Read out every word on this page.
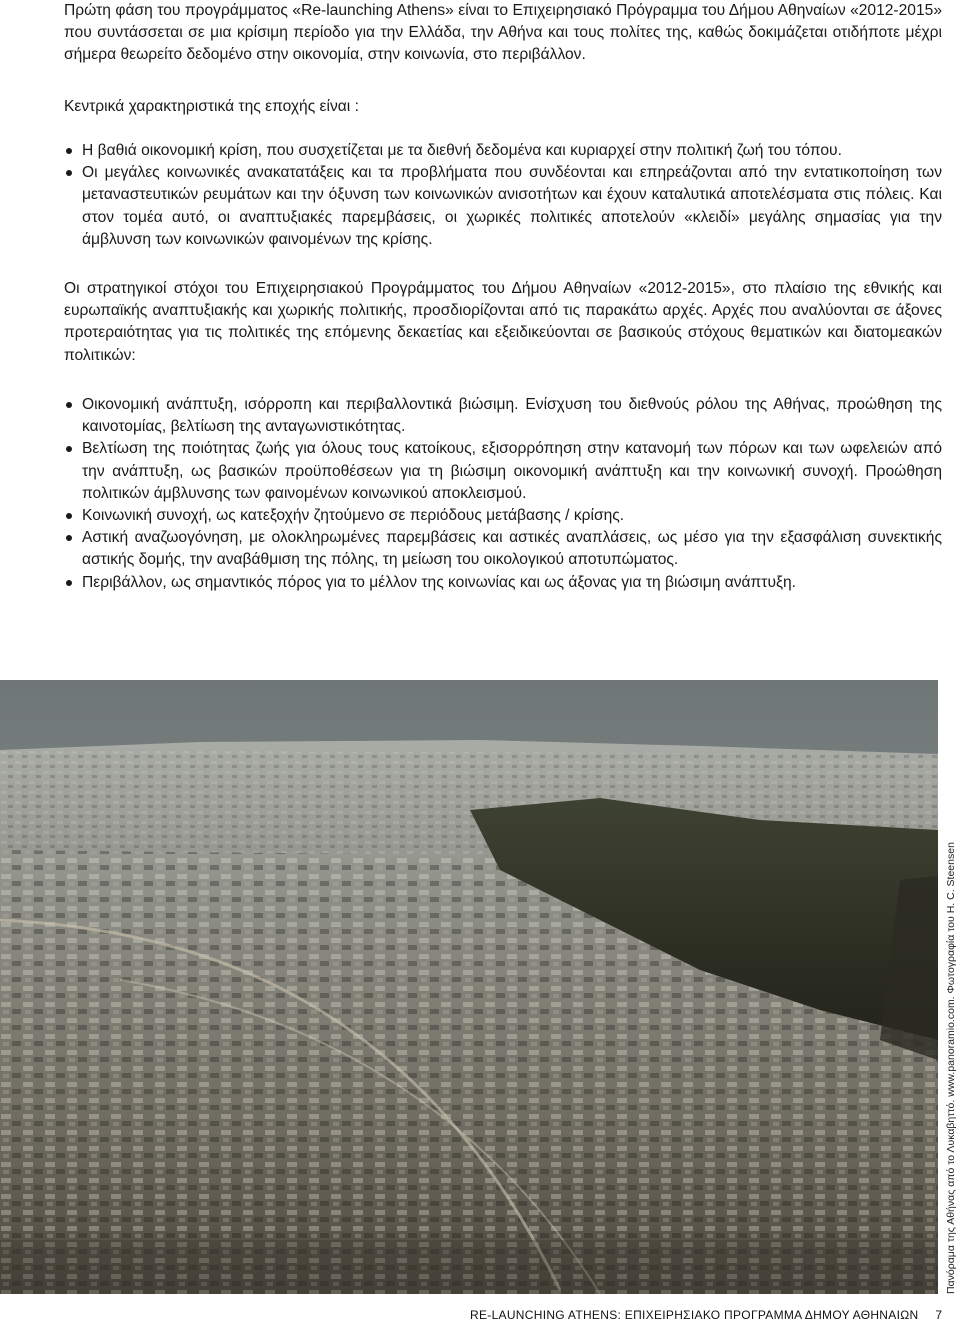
Πρώτη φάση του προγράμματος «Re-launching Athens» είναι το Επιχειρησιακό Πρόγραμμα του Δήμου Αθηναίων «2012-2015» που συντάσσεται σε μια κρίσιμη περίοδο για την Ελλάδα, την Αθήνα και τους πολίτες της, καθώς δοκιμάζεται οτιδήποτε μέχρι σήμερα θεωρείτο δεδομένο στην οικονομία, στην κοινωνία, στο περιβάλλον.

Κεντρικά χαρακτηριστικά της εποχής είναι :

Η βαθιά οικονομική κρίση, που συσχετίζεται με τα διεθνή δεδομένα και κυριαρχεί στην πολιτική ζωή του τόπου.
Οι μεγάλες κοινωνικές ανακατατάξεις και τα προβλήματα που συνδέονται και επηρεάζονται από την εντατικοποίηση των μεταναστευτικών ρευμάτων και την όξυνση των κοινωνικών ανισοτήτων και έχουν καταλυτικά αποτελέσματα στις πόλεις. Και στον τομέα αυτό, οι αναπτυξιακές παρεμβάσεις, οι χωρικές πολιτικές αποτελούν «κλειδί» μεγάλης σημασίας για την άμβλυνση των κοινωνικών φαινομένων της κρίσης.

Οι στρατηγικοί στόχοι του Επιχειρησιακού Προγράμματος του Δήμου Αθηναίων «2012-2015», στο πλαίσιο της εθνικής και ευρωπαϊκής αναπτυξιακής και χωρικής πολιτικής, προσδιορίζονται από τις παρακάτω αρχές. Αρχές που αναλύονται σε άξονες προτεραιότητας για τις πολιτικές της επόμενης δεκαετίας και εξειδικεύονται σε βασικούς στόχους θεματικών και διατομεακών πολιτικών:

Οικονομική ανάπτυξη, ισόρροπη και περιβαλλοντικά βιώσιμη. Ενίσχυση του διεθνούς ρόλου της Αθήνας, προώθηση της καινοτομίας, βελτίωση της ανταγωνιστικότητας.
Βελτίωση της ποιότητας ζωής για όλους τους κατοίκους, εξισορρόπηση στην κατανομή των πόρων και των ωφελειών από την ανάπτυξη, ως βασικών προϋποθέσεων για τη βιώσιμη οικονομική ανάπτυξη και την κοινωνική συνοχή. Προώθηση πολιτικών άμβλυνσης των φαινομένων κοινωνικού αποκλεισμού.
Κοινωνική συνοχή, ως κατεξοχήν ζητούμενο σε περιόδους μετάβασης / κρίσης.
Αστική αναζωογόνηση, με ολοκληρωμένες παρεμβάσεις και αστικές αναπλάσεις, ως μέσο για την εξασφάλιση συνεκτικής αστικής δομής, την αναβάθμιση της πόλης, τη μείωση του οικολογικού αποτυπώματος.
Περιβάλλον, ως σημαντικός πόρος για το μέλλον της κοινωνίας και ως άξονας για τη βιώσιμη ανάπτυξη.
Πανόραμα της Αθήνας από το Λυκαβηττό. www.panoramio.com. Φωτογραφία του H. C. Steensen
RE-LAUNCHING ATHENS: ΕΠΙΧΕΙΡΗΣΙΑΚΟ ΠΡΟΓΡΑΜΜΑ ΔΗΜΟΥ ΑΘΗΝΑΙΩΝ 7
